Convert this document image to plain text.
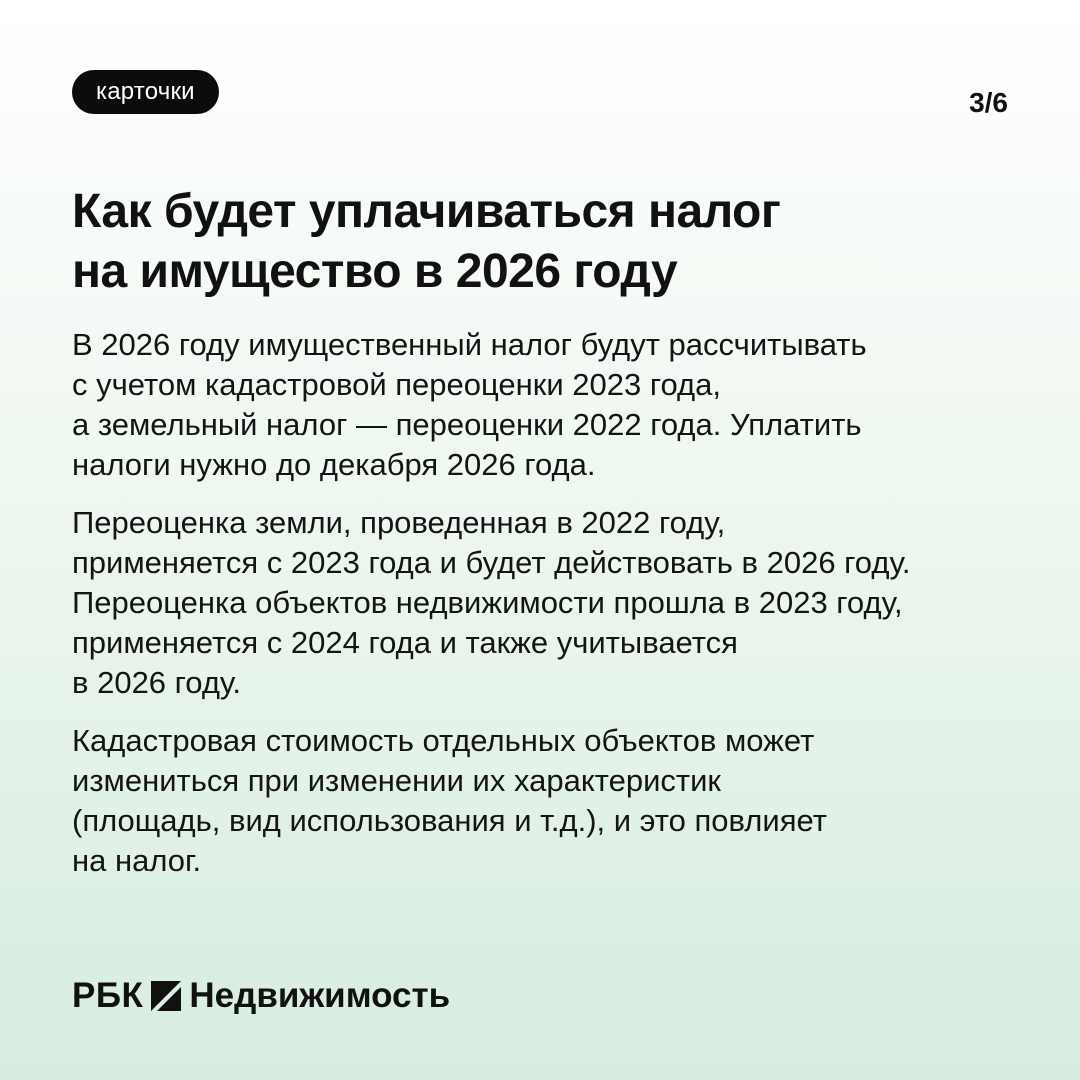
карточки	3/6
Как будет уплачиваться налог
на имущество в 2026 году

В 2026 году имущественный налог будут рассчитывать
с учетом кадастровой переоценки 2023 года,
а земельный налог — переоценки 2022 года. Уплатить
налоги нужно до декабря 2026 года.

Переоценка земли, проведенная в 2022 году,
применяется с 2023 года и будет действовать в 2026 году.
Переоценка объектов недвижимости прошла в 2023 году,
применяется с 2024 года и также учитывается
в 2026 году.

Кадастровая стоимость отдельных объектов может
измениться при изменении их характеристик
(площадь, вид использования и т.д.), и это повлияет
на налог.

РБК Недвижимость
